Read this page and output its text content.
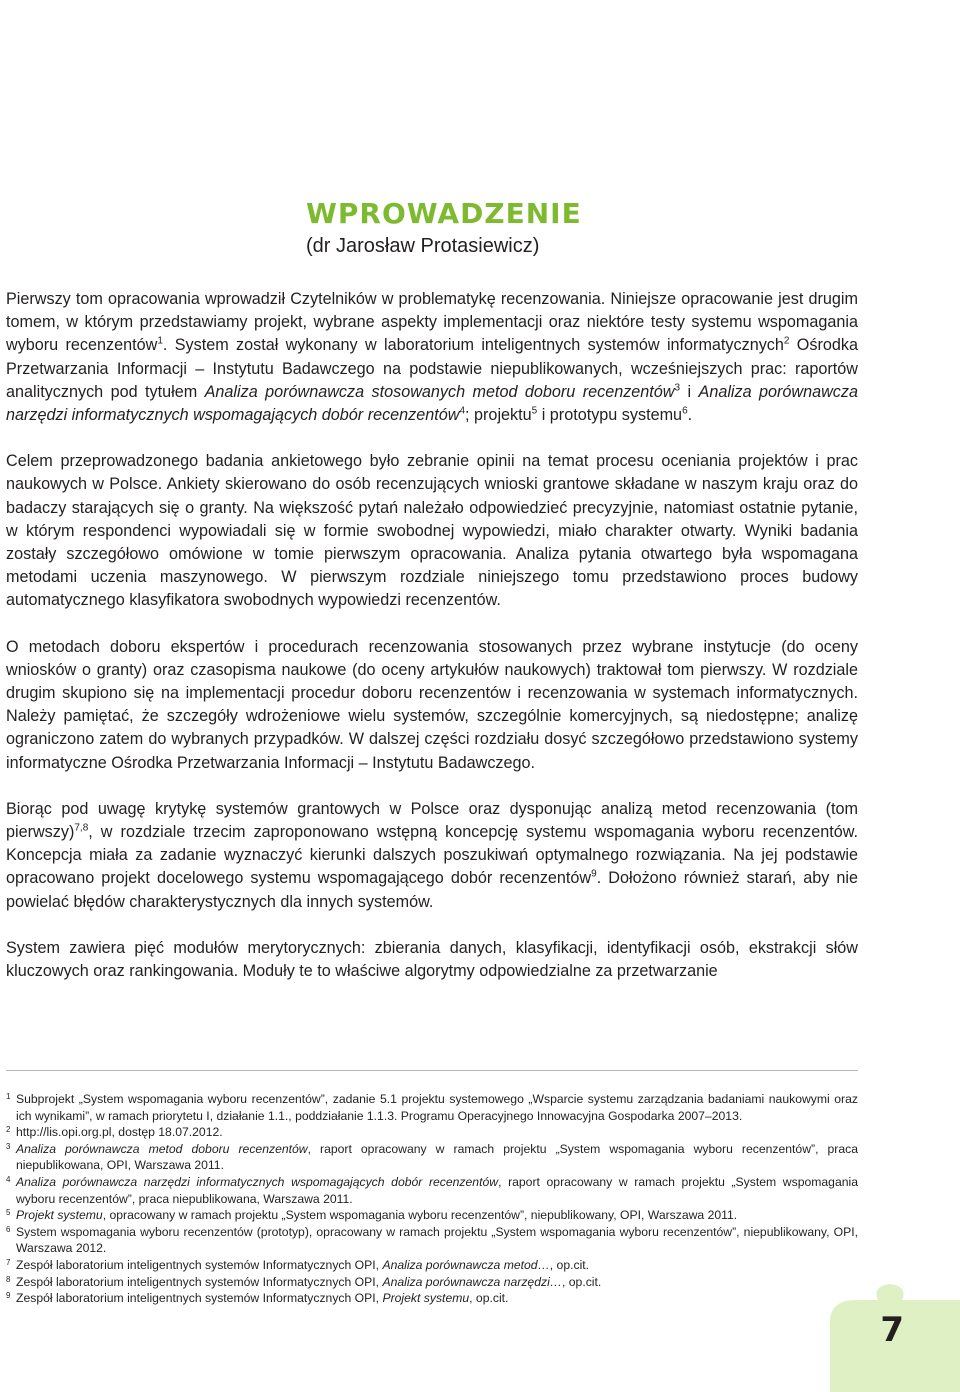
WPROWADZENIE
(dr Jarosław Protasiewicz)

Pierwszy tom opracowania wprowadził Czytelników w problematykę recenzowania. Niniejsze opracowanie jest drugim tomem, w którym przedstawiamy projekt, wybrane aspekty implementacji oraz niektóre testy systemu wspomagania wyboru recenzentów$^1$. System został wykonany w laboratorium inteligentnych systemów informatycznych$^2$ Ośrodka Przetwarzania Informacji – Instytutu Badawczego na podstawie niepublikowanych, wcześniejszych prac: raportów analitycznych pod tytułem Analiza porównawcza stosowanych metod doboru recenzentów$^3$ i Analiza porównawcza narzędzi informatycznych wspomagających dobór recenzentów$^4$; projektu$^5$ i prototypu systemu$^6$.

Celem przeprowadzonego badania ankietowego było zebranie opinii na temat procesu oceniania projektów i prac naukowych w Polsce. Ankiety skierowano do osób recenzujących wnioski grantowe składane w naszym kraju oraz do badaczy starających się o granty. Na większość pytań należało odpowiedzieć precyzyjnie, natomiast ostatnie pytanie, w którym respondenci wypowiadali się w formie swobodnej wypowiedzi, miało charakter otwarty. Wyniki badania zostały szczegółowo omówione w tomie pierwszym opracowania. Analiza pytania otwartego była wspomagana metodami uczenia maszynowego. W pierwszym rozdziale niniejszego tomu przedstawiono proces budowy automatycznego klasyfikatora swobodnych wypowiedzi recenzentów.

O metodach doboru ekspertów i procedurach recenzowania stosowanych przez wybrane instytucje (do oceny wniosków o granty) oraz czasopisma naukowe (do oceny artykułów naukowych) traktował tom pierwszy. W rozdziale drugim skupiono się na implementacji procedur doboru recenzentów i recenzowania w systemach informatycznych. Należy pamiętać, że szczegóły wdrożeniowe wielu systemów, szczególnie komercyjnych, są niedostępne; analizę ograniczono zatem do wybranych przypadków. W dalszej części rozdziału dosyć szczegółowo przedstawiono systemy informatyczne Ośrodka Przetwarzania Informacji – Instytutu Badawczego.

Biorąc pod uwagę krytykę systemów grantowych w Polsce oraz dysponując analizą metod recenzowania (tom pierwszy)$^{7,8}$, w rozdziale trzecim zaproponowano wstępną koncepcję systemu wspomagania wyboru recenzentów. Koncepcja miała za zadanie wyznaczyć kierunki dalszych poszukiwań optymalnego rozwiązania. Na jej podstawie opracowano projekt docelowego systemu wspomagającego dobór recenzentów$^9$. Dołożono również starań, aby nie powielać błędów charakterystycznych dla innych systemów.

System zawiera pięć modułów merytorycznych: zbierania danych, klasyfikacji, identyfikacji osób, ekstrakcji słów kluczowych oraz rankingowania. Moduły te to właściwe algorytmy odpowiedzialne za przetwarzanie

1 Subprojekt „System wspomagania wyboru recenzentów”, zadanie 5.1 projektu systemowego „Wsparcie systemu zarządzania badaniami naukowymi oraz ich wynikami”, w ramach priorytetu I, działanie 1.1., poddziałanie 1.1.3. Programu Operacyjnego Innowacyjna Gospodarka 2007–2013.
2 http://lis.opi.org.pl, dostęp 18.07.2012.
3 Analiza porównawcza metod doboru recenzentów, raport opracowany w ramach projektu „System wspomagania wyboru recenzentów”, praca niepublikowana, OPI, Warszawa 2011.
4 Analiza porównawcza narzędzi informatycznych wspomagających dobór recenzentów, raport opracowany w ramach projektu „System wspomagania wyboru recenzentów”, praca niepublikowana, Warszawa 2011.
5 Projekt systemu, opracowany w ramach projektu „System wspomagania wyboru recenzentów”, niepublikowany, OPI, Warszawa 2011.
6 System wspomagania wyboru recenzentów (prototyp), opracowany w ramach projektu „System wspomagania wyboru recenzentów”, niepublikowany, OPI, Warszawa 2012.
7 Zespół laboratorium inteligentnych systemów Informatycznych OPI, Analiza porównawcza metod…, op.cit.
8 Zespół laboratorium inteligentnych systemów Informatycznych OPI, Analiza porównawcza narzędzi…, op.cit.
9 Zespół laboratorium inteligentnych systemów Informatycznych OPI, Projekt systemu, op.cit.
7
